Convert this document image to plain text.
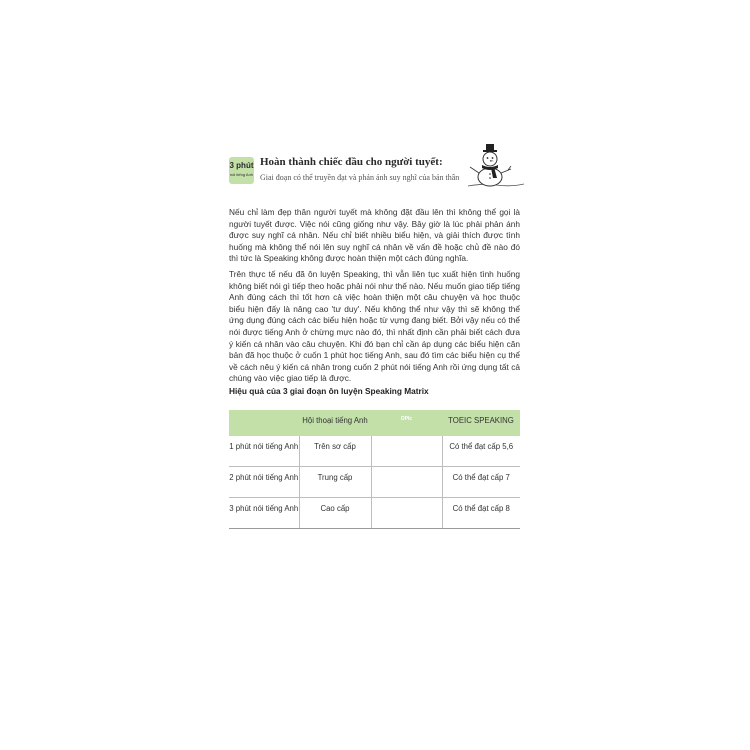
3 phút
nói tiếng Anh
Hoàn thành chiếc đầu cho người tuyết:
Giai đoạn có thể truyền đạt và phản ánh suy nghĩ của bản thân

Nếu chỉ làm đẹp thân người tuyết mà không đặt đầu lên thì không thể gọi là người tuyết được. Việc nói cũng giống như vậy. Bây giờ là lúc phải phản ánh được suy nghĩ cá nhân. Nếu chỉ biết nhiều biểu hiện, và giải thích được tình huống mà không thể nói lên suy nghĩ cá nhân về vấn đề hoặc chủ đề nào đó thì tức là Speaking không được hoàn thiện một cách đúng nghĩa.

Trên thực tế nếu đã ôn luyện Speaking, thì vẫn liên tục xuất hiện tình huống không biết nói gì tiếp theo hoặc phải nói như thế nào. Nếu muốn giao tiếp tiếng Anh đúng cách thì tốt hơn cả việc hoàn thiện một câu chuyện và học thuộc biểu hiện đấy là nâng cao 'tư duy'. Nếu không thể như vậy thì sẽ không thể ứng dụng đúng cách các biểu hiện hoặc từ vựng đang biết. Bởi vậy nếu có thể nói được tiếng Anh ở chừng mực nào đó, thì nhất định cần phải biết cách đưa ý kiến cá nhân vào câu chuyện. Khi đó bạn chỉ cần áp dụng các biểu hiện căn bản đã học thuộc ở cuốn 1 phút học tiếng Anh, sau đó tìm các biểu hiện cụ thể về cách nêu ý kiến cá nhân trong cuốn 2 phút nói tiếng Anh rồi ứng dụng tất cả chúng vào việc giao tiếp là được.

Hiệu quả của 3 giai đoạn ôn luyện Speaking Matrix
	Hội thoại tiếng Anh	OPIc	TOEIC SPEAKING
1 phút nói tiếng Anh	Trên sơ cấp		Có thể đạt cấp 5,6
2 phút nói tiếng Anh	Trung cấp		Có thể đạt cấp 7
3 phút nói tiếng Anh	Cao cấp		Có thể đạt cấp 8
